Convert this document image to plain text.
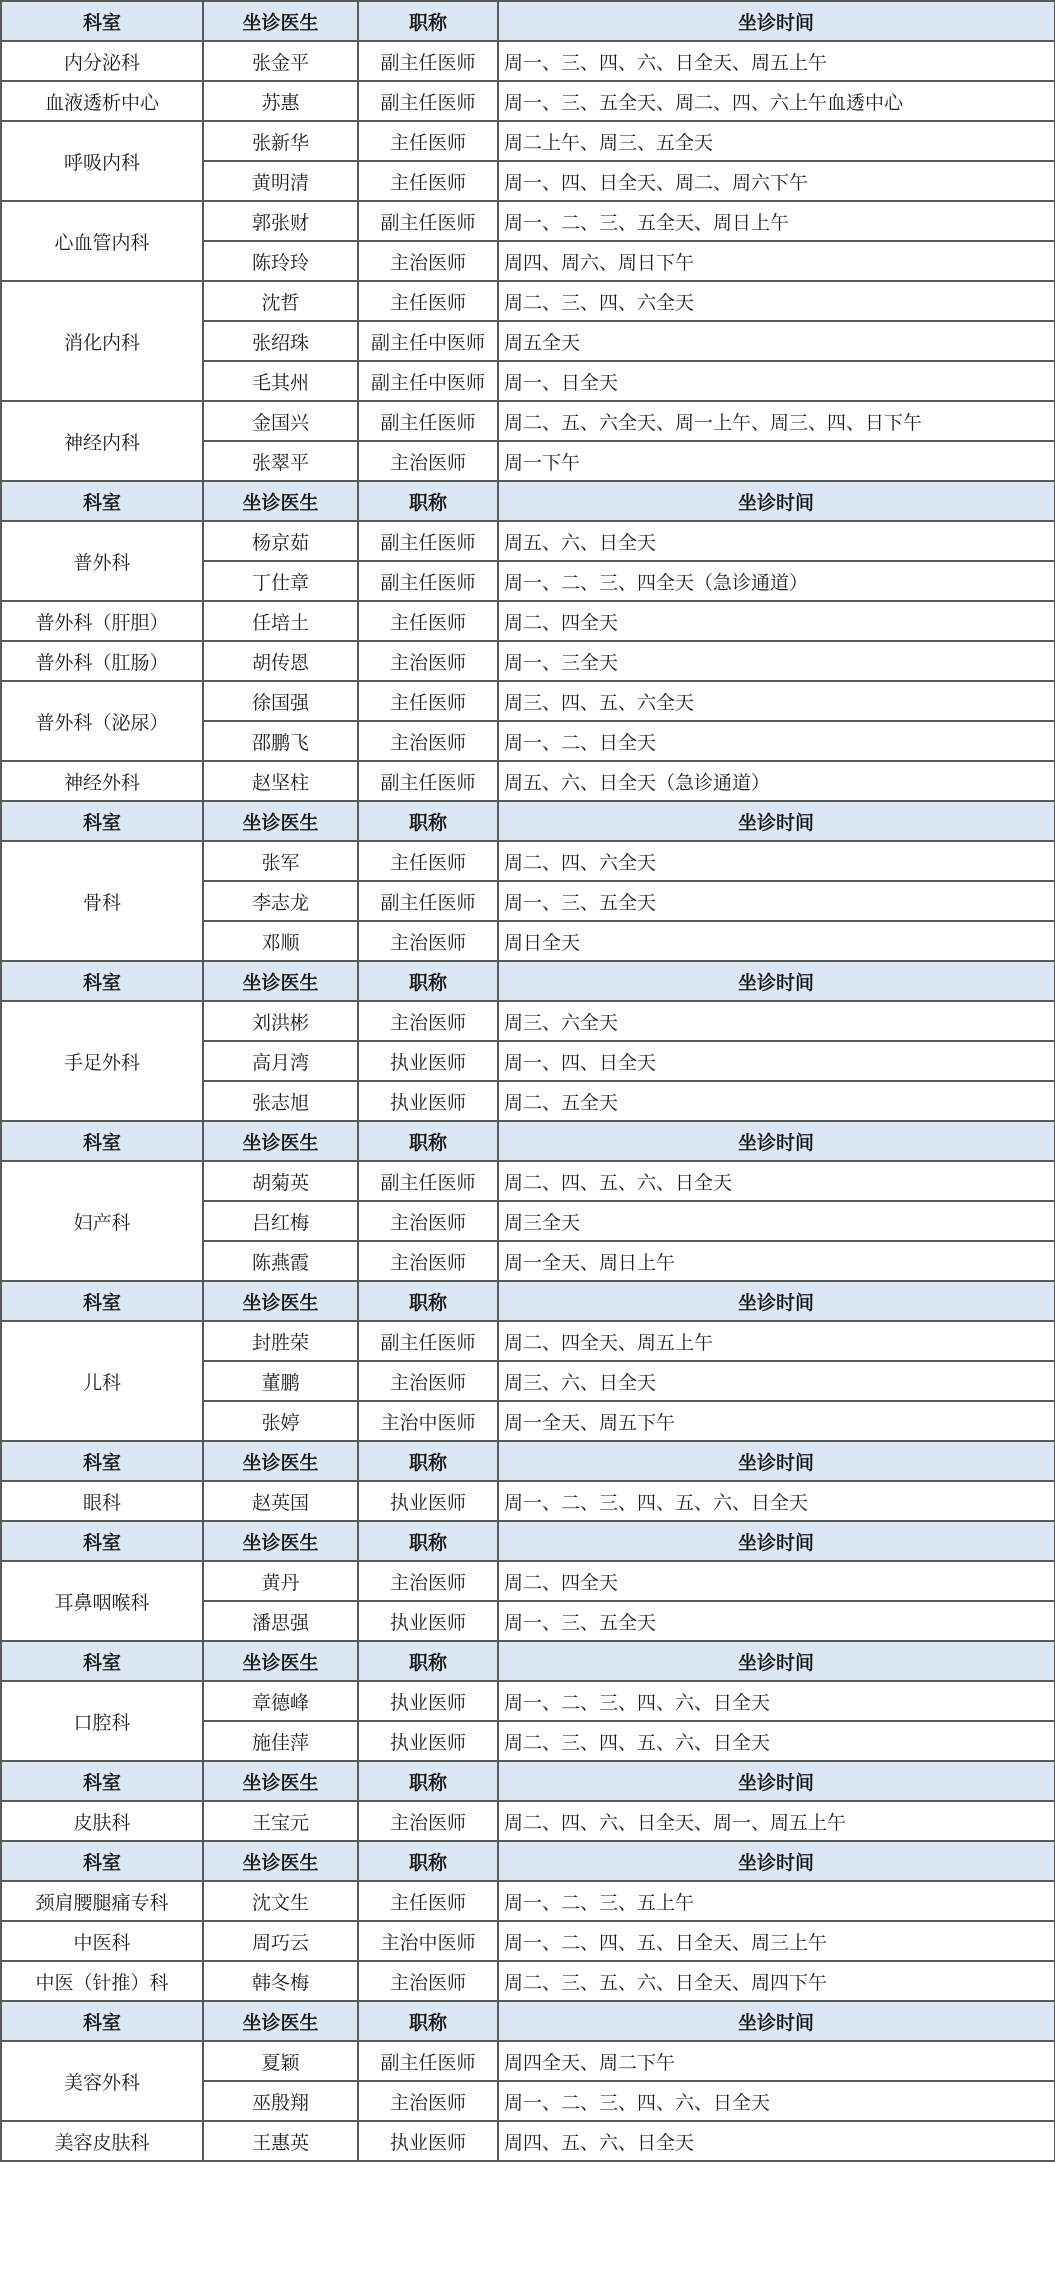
科室	坐诊医生	职称	坐诊时间
内分泌科	张金平	副主任医师	周一、三、四、六、日全天、周五上午
血液透析中心	苏惠	副主任医师	周一、三、五全天、周二、四、六上午血透中心
呼吸内科	张新华	主任医师	周二上午、周三、五全天
	黄明清	主任医师	周一、四、日全天、周二、周六下午
心血管内科	郭张财	副主任医师	周一、二、三、五全天、周日上午
	陈玲玲	主治医师	周四、周六、周日下午
消化内科	沈哲	主任医师	周二、三、四、六全天
	张绍珠	副主任中医师	周五全天
	毛其州	副主任中医师	周一、日全天
神经内科	金国兴	副主任医师	周二、五、六全天、周一上午、周三、四、日下午
	张翠平	主治医师	周一下午
科室	坐诊医生	职称	坐诊时间
普外科	杨京茹	副主任医师	周五、六、日全天
	丁仕章	副主任医师	周一、二、三、四全天（急诊通道）
普外科（肝胆）	任培土	主任医师	周二、四全天
普外科（肛肠）	胡传恩	主治医师	周一、三全天
普外科（泌尿）	徐国强	主任医师	周三、四、五、六全天
	邵鹏飞	主治医师	周一、二、日全天
神经外科	赵坚柱	副主任医师	周五、六、日全天（急诊通道）
科室	坐诊医生	职称	坐诊时间
骨科	张军	主任医师	周二、四、六全天
	李志龙	副主任医师	周一、三、五全天
	邓顺	主治医师	周日全天
科室	坐诊医生	职称	坐诊时间
手足外科	刘洪彬	主治医师	周三、六全天
	高月湾	执业医师	周一、四、日全天
	张志旭	执业医师	周二、五全天
科室	坐诊医生	职称	坐诊时间
妇产科	胡菊英	副主任医师	周二、四、五、六、日全天
	吕红梅	主治医师	周三全天
	陈燕霞	主治医师	周一全天、周日上午
科室	坐诊医生	职称	坐诊时间
儿科	封胜荣	副主任医师	周二、四全天、周五上午
	董鹏	主治医师	周三、六、日全天
	张婷	主治中医师	周一全天、周五下午
科室	坐诊医生	职称	坐诊时间
眼科	赵英国	执业医师	周一、二、三、四、五、六、日全天
科室	坐诊医生	职称	坐诊时间
耳鼻咽喉科	黄丹	主治医师	周二、四全天
	潘思强	执业医师	周一、三、五全天
科室	坐诊医生	职称	坐诊时间
口腔科	章德峰	执业医师	周一、二、三、四、六、日全天
	施佳萍	执业医师	周二、三、四、五、六、日全天
科室	坐诊医生	职称	坐诊时间
皮肤科	王宝元	主治医师	周二、四、六、日全天、周一、周五上午
科室	坐诊医生	职称	坐诊时间
颈肩腰腿痛专科	沈文生	主任医师	周一、二、三、五上午
中医科	周巧云	主治中医师	周一、二、四、五、日全天、周三上午
中医（针推）科	韩冬梅	主治医师	周二、三、五、六、日全天、周四下午
科室	坐诊医生	职称	坐诊时间
美容外科	夏颖	副主任医师	周四全天、周二下午
	巫殷翔	主治医师	周一、二、三、四、六、日全天
美容皮肤科	王惠英	执业医师	周四、五、六、日全天
